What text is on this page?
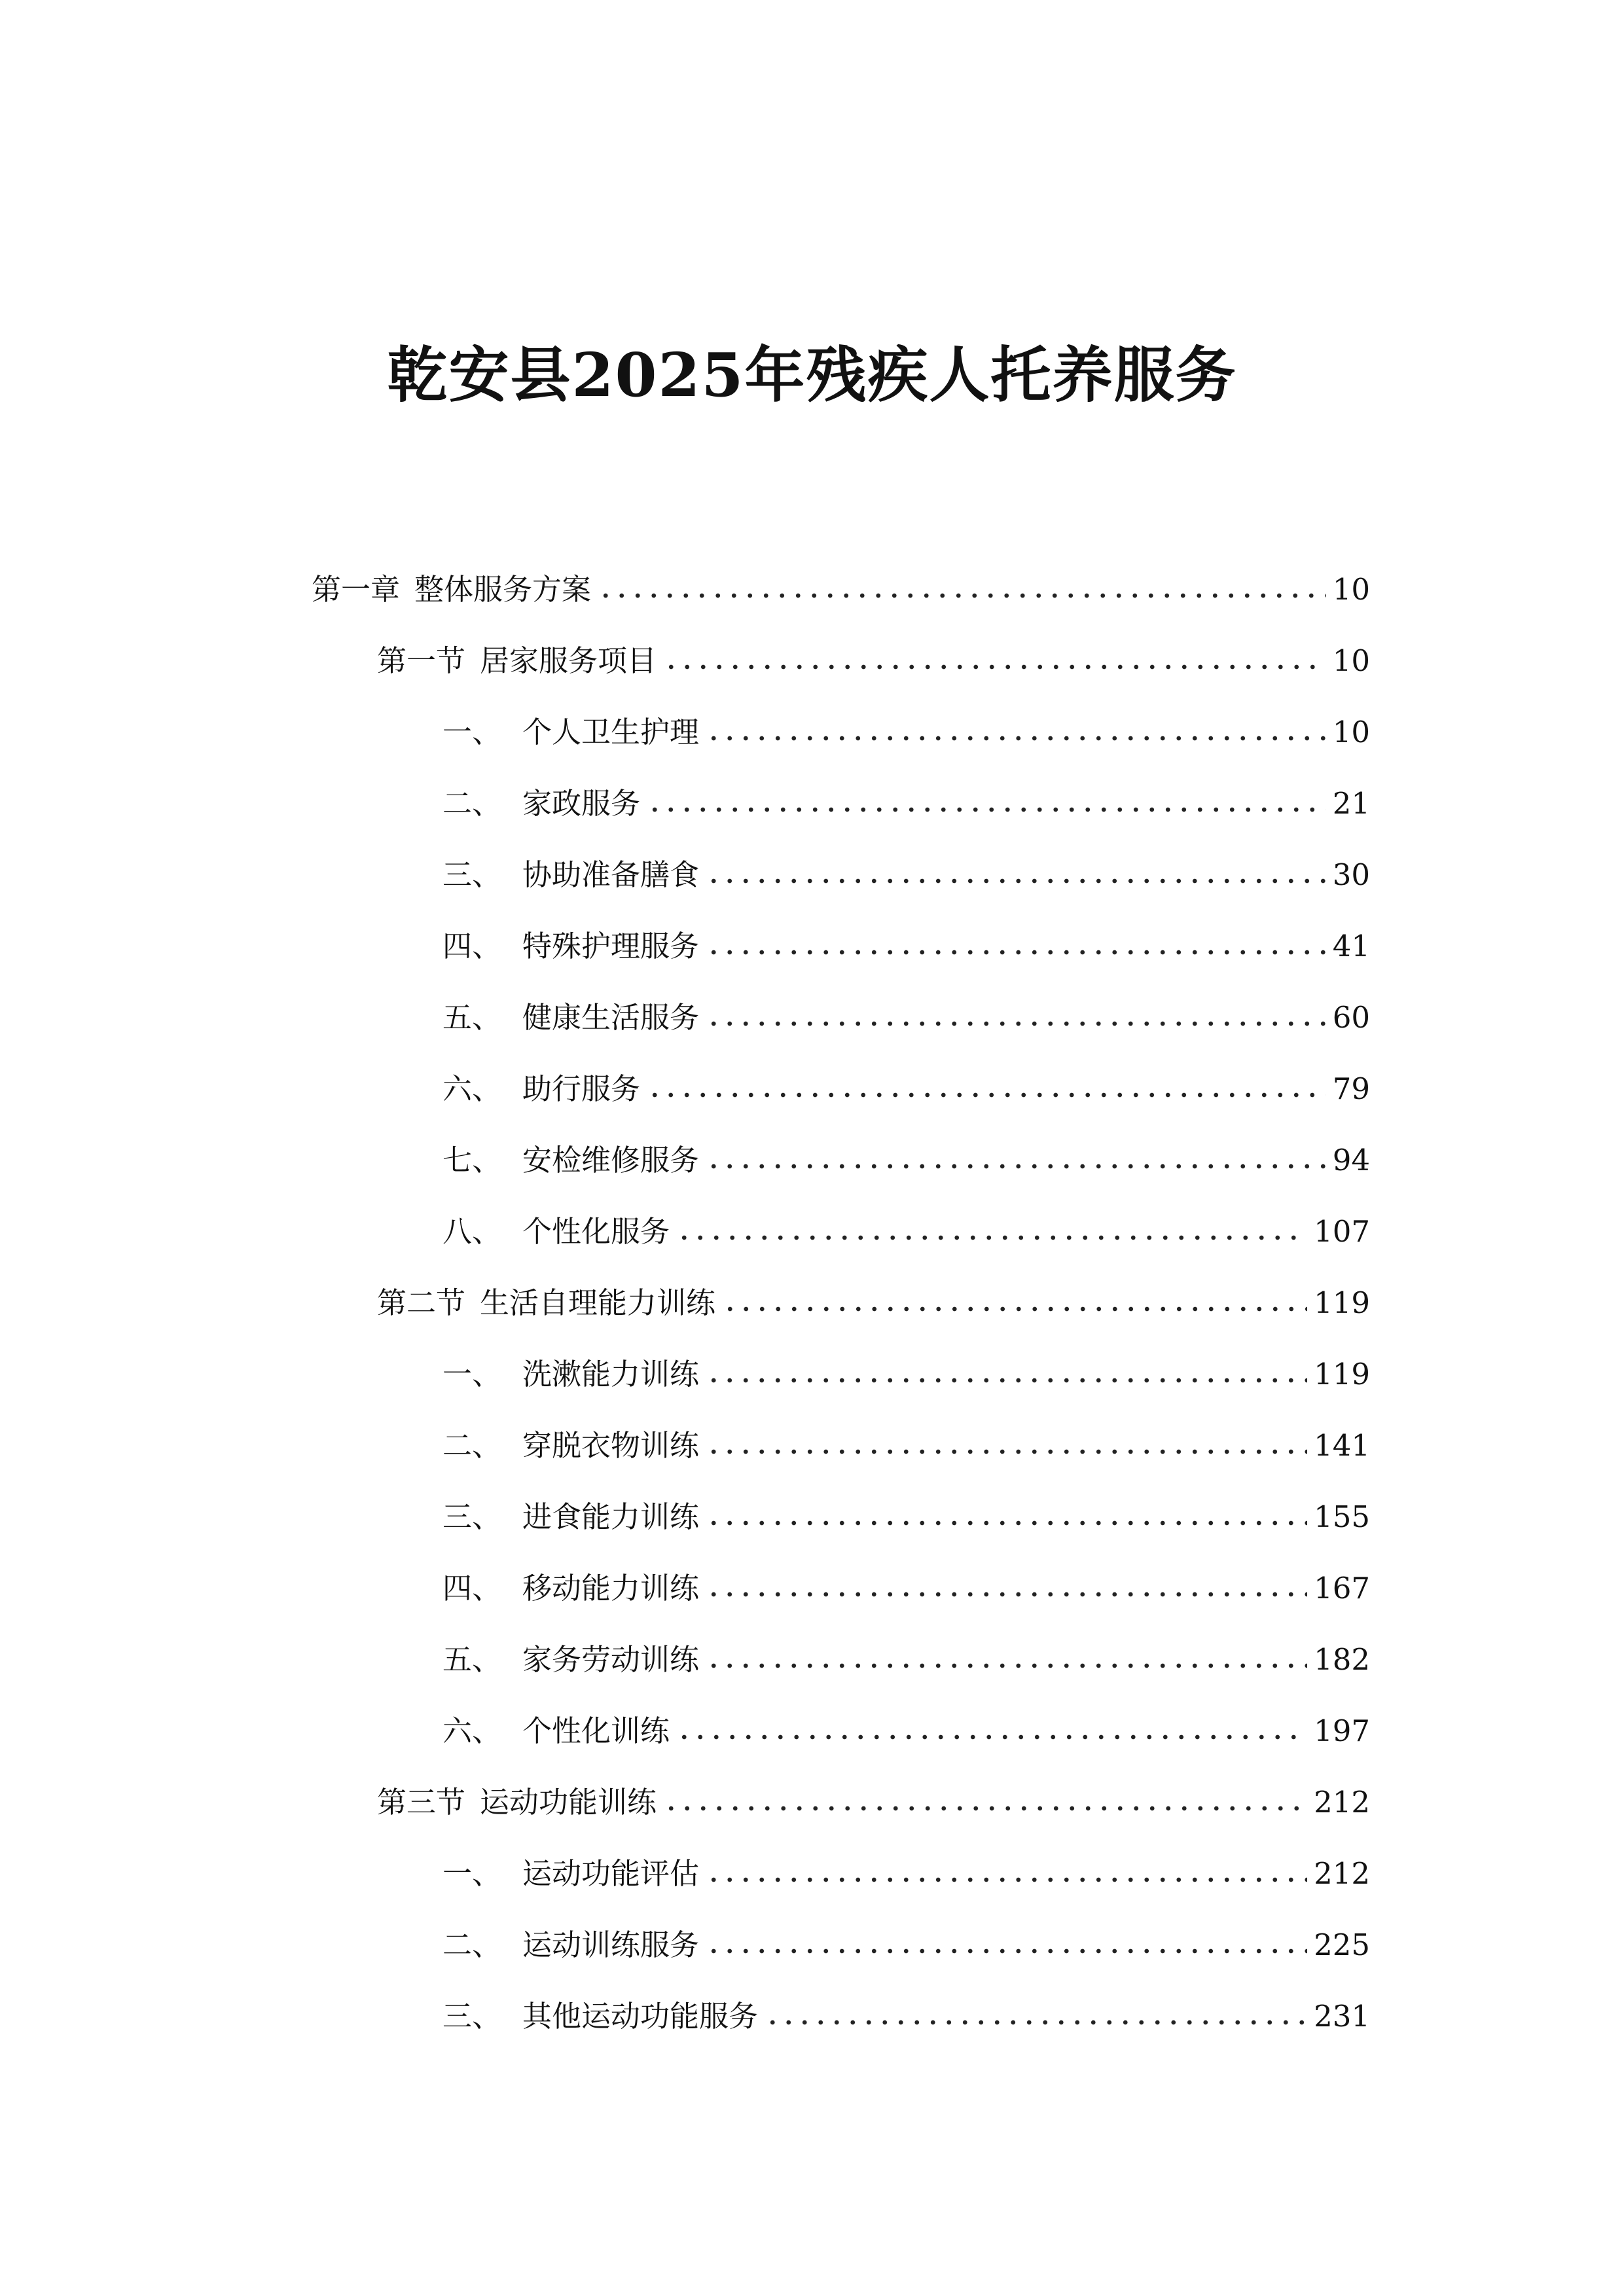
乾安县2025年残疾人托养服务
第一章 整体服务方案	10
第一节 居家服务项目	10
一、 个人卫生护理	10
二、 家政服务	21
三、 协助准备膳食	30
四、 特殊护理服务	41
五、 健康生活服务	60
六、 助行服务	79
七、 安检维修服务	94
八、 个性化服务	107
第二节 生活自理能力训练	119
一、 洗漱能力训练	119
二、 穿脱衣物训练	141
三、 进食能力训练	155
四、 移动能力训练	167
五、 家务劳动训练	182
六、 个性化训练	197
第三节 运动功能训练	212
一、 运动功能评估	212
二、 运动训练服务	225
三、 其他运动功能服务	231
